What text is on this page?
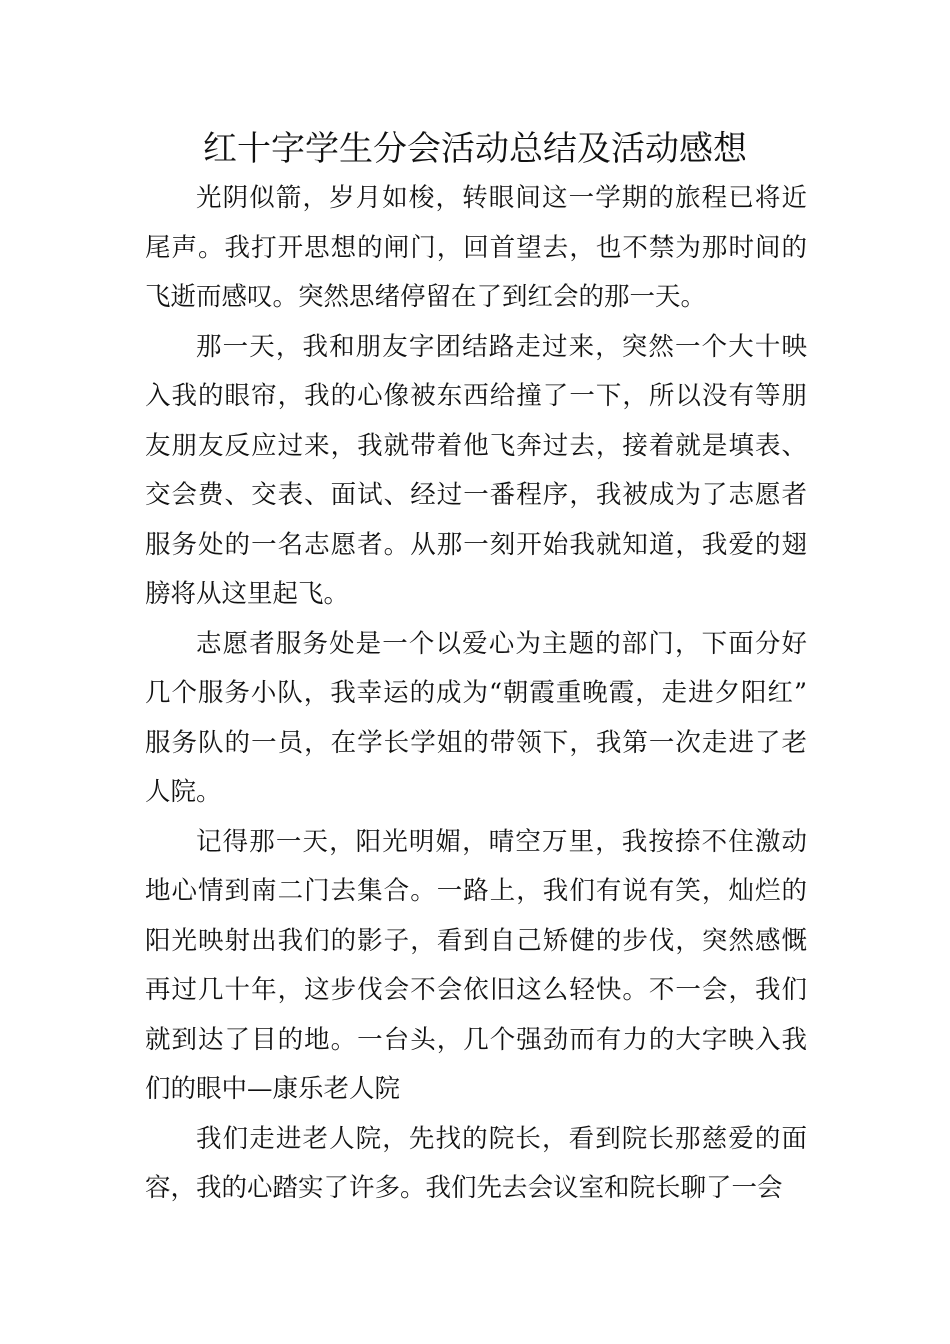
红十字学生分会活动总结及活动感想

光阴似箭，岁月如梭，转眼间这一学期的旅程已将近尾声。我打开思想的闸门，回首望去，也不禁为那时间的飞逝而感叹。突然思绪停留在了到红会的那一天。

那一天，我和朋友字团结路走过来，突然一个大十映入我的眼帘，我的心像被东西给撞了一下，所以没有等朋友朋友反应过来，我就带着他飞奔过去，接着就是填表、交会费、交表、面试、经过一番程序，我被成为了志愿者服务处的一名志愿者。从那一刻开始我就知道，我爱的翅膀将从这里起飞。

志愿者服务处是一个以爱心为主题的部门，下面分好几个服务小队，我幸运的成为“朝霞重晚霞，走进夕阳红”服务队的一员，在学长学姐的带领下，我第一次走进了老人院。

记得那一天，阳光明媚，晴空万里，我按捺不住激动地心情到南二门去集合。一路上，我们有说有笑，灿烂的阳光映射出我们的影子，看到自己矫健的步伐，突然感慨再过几十年，这步伐会不会依旧这么轻快。不一会，我们就到达了目的地。一台头，几个强劲而有力的大字映入我们的眼中—康乐老人院

我们走进老人院，先找的院长，看到院长那慈爱的面容，我的心踏实了许多。我们先去会议室和院长聊了一会
